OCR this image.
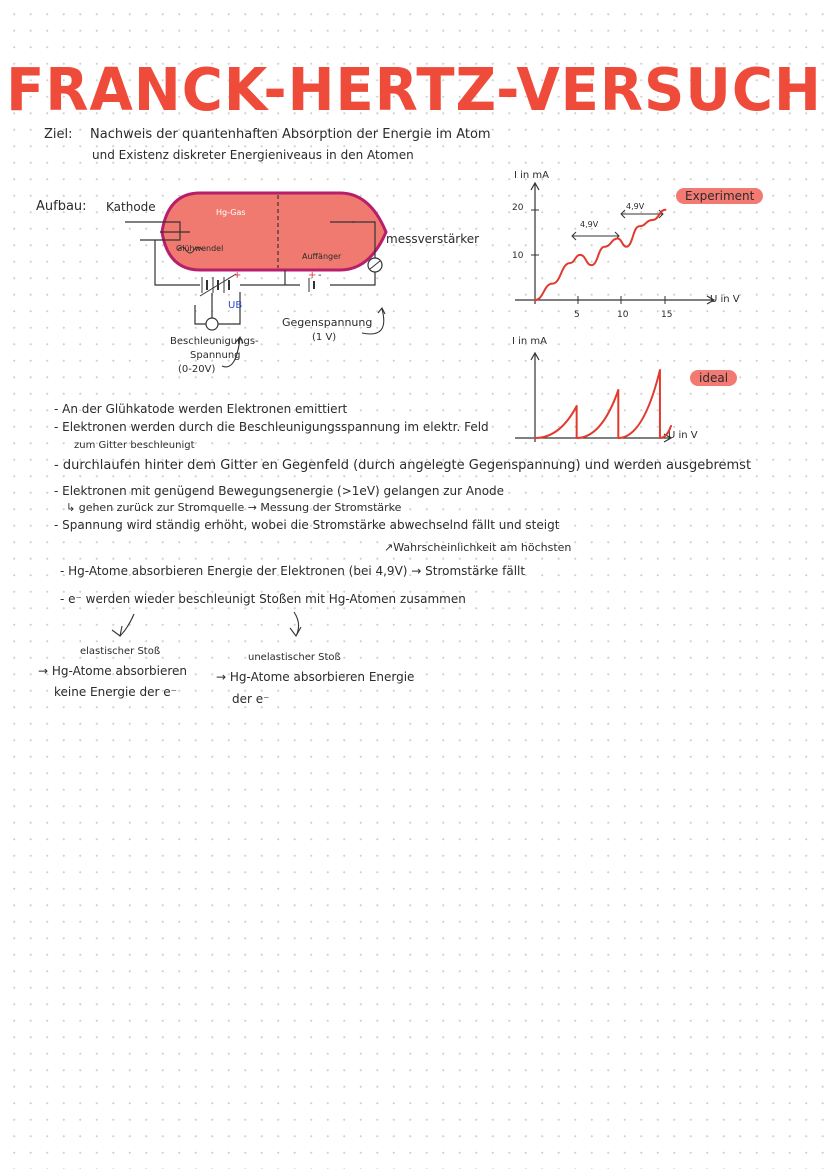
FRANCK-HERTZ-VERSUCH
Ziel: Nachweis der quantenhaften Absorption der Energie im Atom
und Existenz diskreter Energieniveaus in den Atomen
Aufbau: Kathode	Hg-Gas
Glühwendel
Auffänger
messverstärker
UB
+	+ -
Beschleunigungs-
Spannung
(0-20V)
Gegenspannung
(1 V)
Experiment
I in mA
20
10
5	10	15
U in V
4,9V
4,9V
ideal
I in mA
U in V
- An der Glühkatode werden Elektronen emittiert
- Elektronen werden durch die Beschleunigungsspannung im elektr. Feld
zum Gitter beschleunigt
- durchlaufen hinter dem Gitter en Gegenfeld (durch angelegte Gegenspannung) und werden ausgebremst
- Elektronen mit genügend Bewegungsenergie (>1eV) gelangen zur Anode
↳ gehen zurück zur Stromquelle → Messung der Stromstärke
- Spannung wird ständig erhöht, wobei die Stromstärke abwechselnd fällt und steigt
↗Wahrscheinlichkeit am höchsten
- Hg-Atome absorbieren Energie der Elektronen (bei 4,9V) → Stromstärke fällt
- e⁻ werden wieder beschleunigt Stoßen mit Hg-Atomen zusammen
elastischer Stoß
→ Hg-Atome absorbieren
keine Energie der e⁻
unelastischer Stoß
→ Hg-Atome absorbieren Energie
der e⁻
